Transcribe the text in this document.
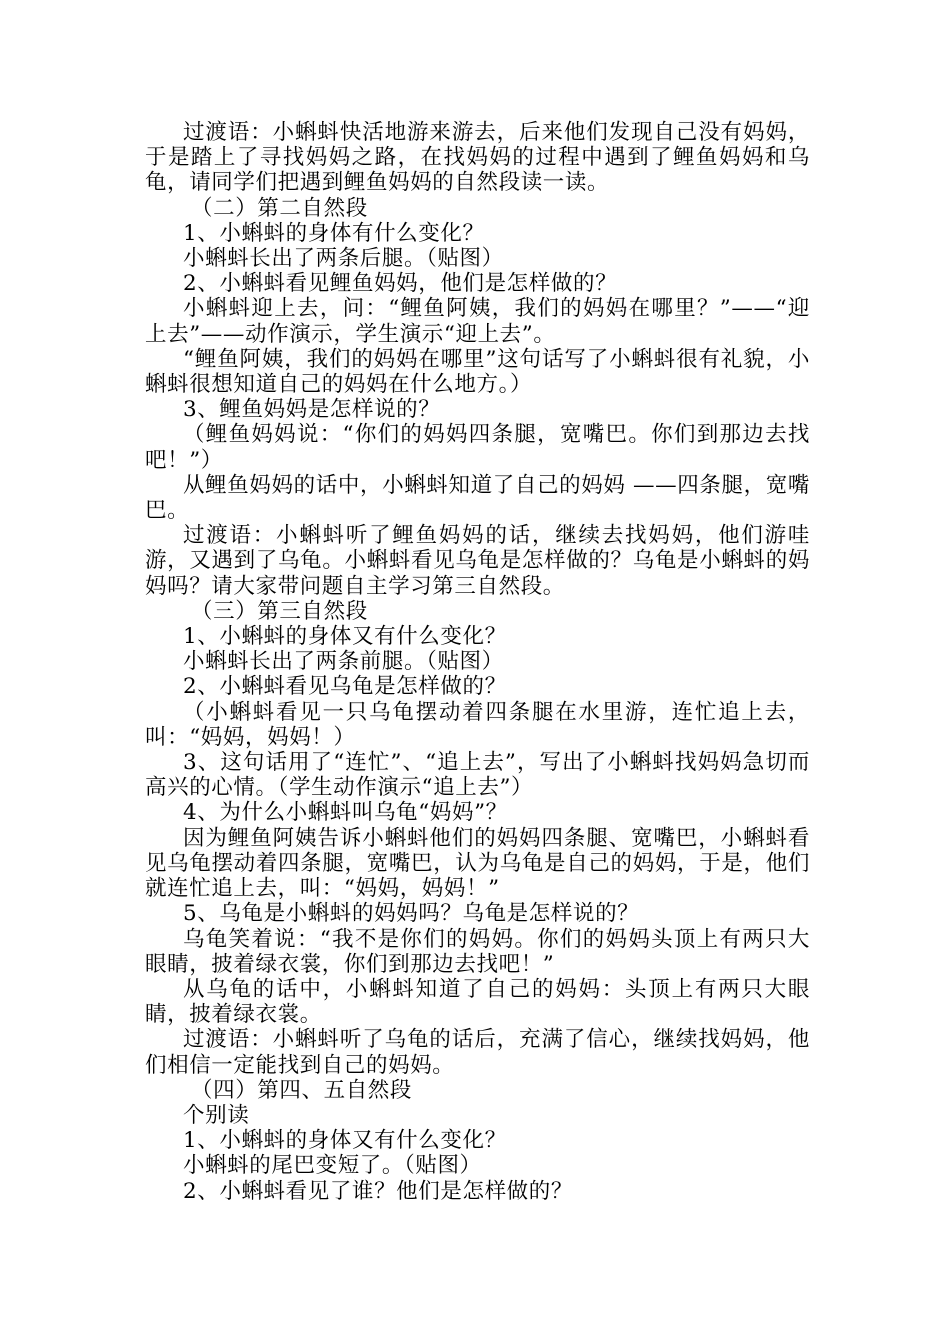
过渡语：小蝌蚪快活地游来游去，后来他们发现自己没有妈妈，于是踏上了寻找妈妈之路，在找妈妈的过程中遇到了鲤鱼妈妈和乌龟，请同学们把遇到鲤鱼妈妈的自然段读一读。

（二）第二自然段

1、小蝌蚪的身体有什么变化？

小蝌蚪长出了两条后腿。（贴图）

2、小蝌蚪看见鲤鱼妈妈，他们是怎样做的？

小蝌蚪迎上去，问：“鲤鱼阿姨，我们的妈妈在哪里？”——“迎上去”——动作演示，学生演示“迎上去”。

“鲤鱼阿姨，我们的妈妈在哪里”这句话写了小蝌蚪很有礼貌，小蝌蚪很想知道自己的妈妈在什么地方。）

3、鲤鱼妈妈是怎样说的？

（鲤鱼妈妈说：“你们的妈妈四条腿，宽嘴巴。你们到那边去找吧！”）

从鲤鱼妈妈的话中，小蝌蚪知道了自己的妈妈 ——四条腿，宽嘴巴。

过渡语：小蝌蚪听了鲤鱼妈妈的话，继续去找妈妈，他们游哇游，又遇到了乌龟。小蝌蚪看见乌龟是怎样做的？乌龟是小蝌蚪的妈妈吗？请大家带问题自主学习第三自然段。

（三）第三自然段

1、小蝌蚪的身体又有什么变化？

小蝌蚪长出了两条前腿。（贴图）

2、小蝌蚪看见乌龟是怎样做的？

（小蝌蚪看见一只乌龟摆动着四条腿在水里游，连忙追上去，叫：“妈妈，妈妈！）

3、这句话用了“连忙”、“追上去”，写出了小蝌蚪找妈妈急切而高兴的心情。（学生动作演示“追上去”）

4、为什么小蝌蚪叫乌龟“妈妈”？

因为鲤鱼阿姨告诉小蝌蚪他们的妈妈四条腿、宽嘴巴，小蝌蚪看见乌龟摆动着四条腿，宽嘴巴，认为乌龟是自己的妈妈，于是，他们就连忙追上去，叫：“妈妈，妈妈！”

5、乌龟是小蝌蚪的妈妈吗？乌龟是怎样说的？

乌龟笑着说：“我不是你们的妈妈。你们的妈妈头顶上有两只大眼睛，披着绿衣裳，你们到那边去找吧！”

从乌龟的话中，小蝌蚪知道了自己的妈妈：头顶上有两只大眼睛，披着绿衣裳。

过渡语：小蝌蚪听了乌龟的话后，充满了信心，继续找妈妈，他们相信一定能找到自己的妈妈。

（四）第四、五自然段

个别读

1、小蝌蚪的身体又有什么变化？

小蝌蚪的尾巴变短了。（贴图）

2、小蝌蚪看见了谁？他们是怎样做的？
